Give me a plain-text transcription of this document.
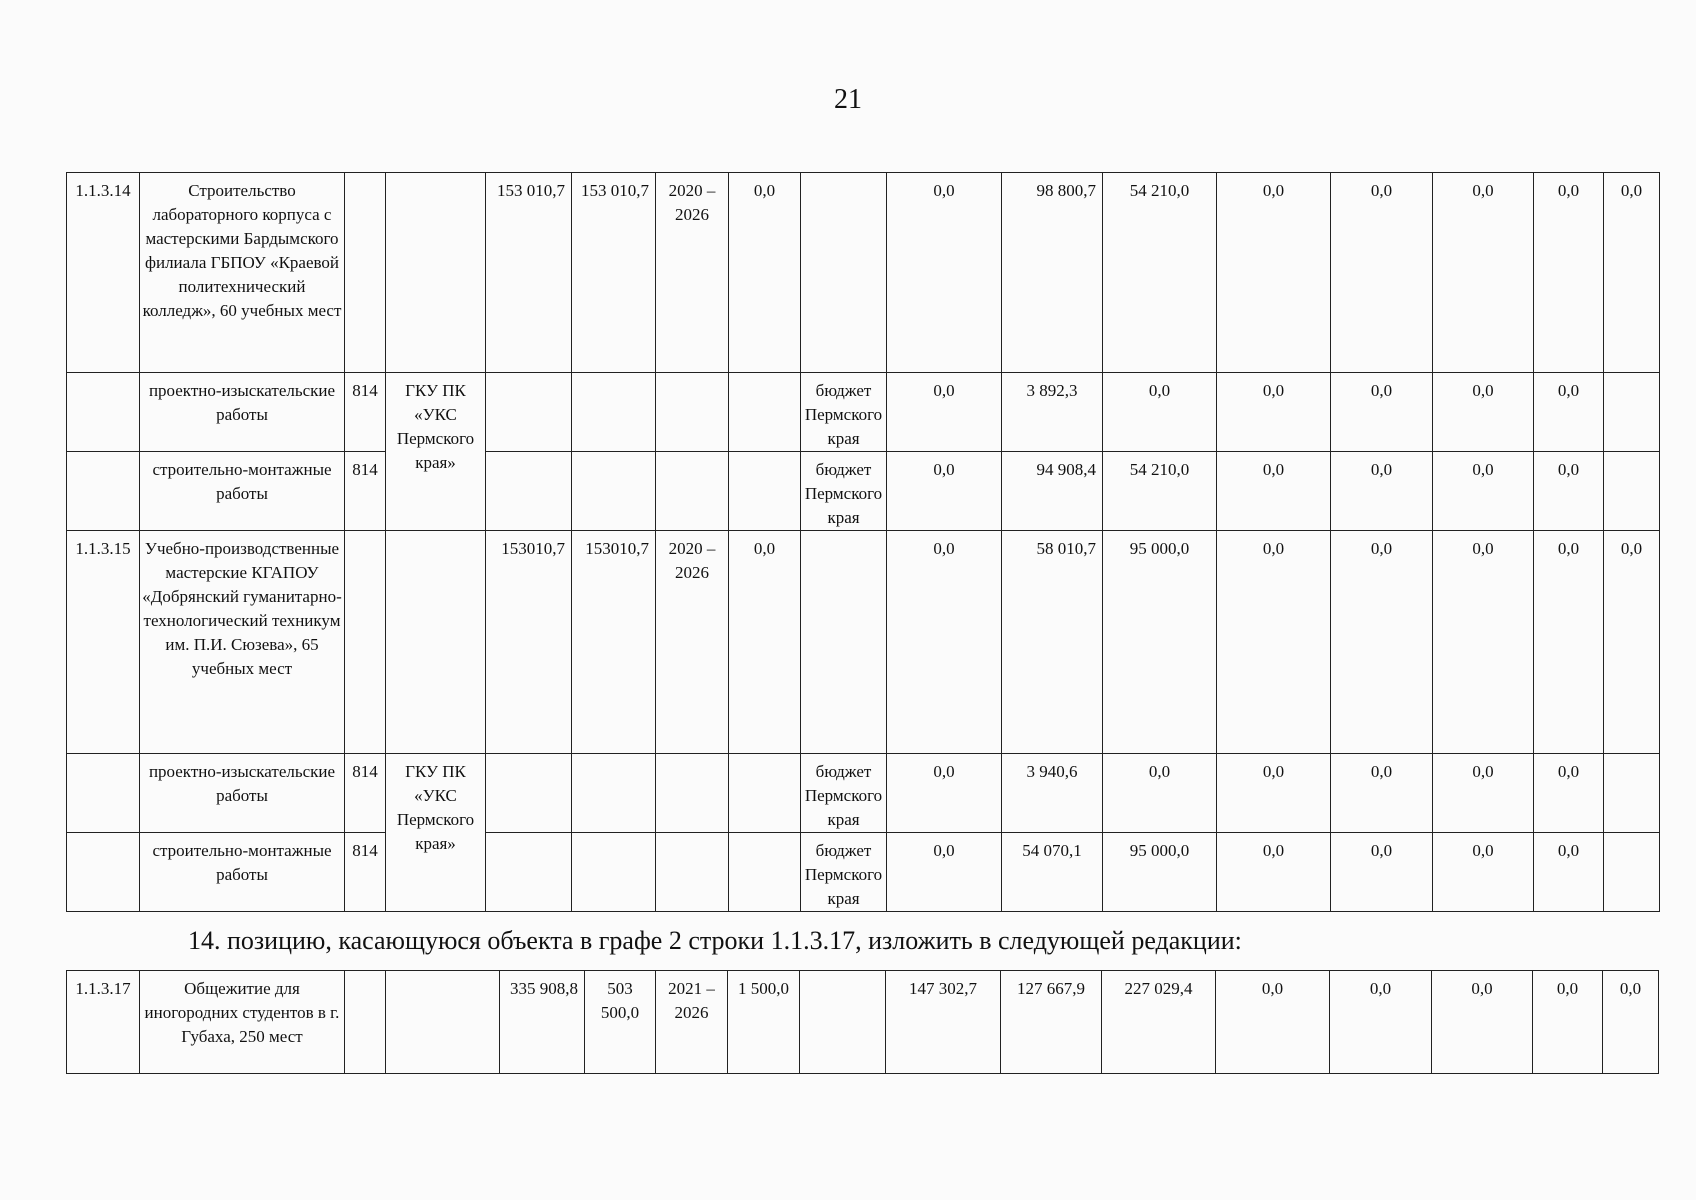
21
1.1.3.14	Строительство лабораторного корпуса с мастерскими Бардымского филиала ГБПОУ «Краевой политехнический колледж», 60 учебных мест			153 010,7	153 010,7	2020 – 2026	0,0		0,0	98 800,7	54 210,0	0,0	0,0	0,0	0,0	0,0
	проектно-изыскательские работы	814	ГКУ ПК «УКС Пермского края»					бюджет Пермского края	0,0	3 892,3	0,0	0,0	0,0	0,0	0,0	
	строительно-монтажные работы	814						бюджет Пермского края	0,0	94 908,4	54 210,0	0,0	0,0	0,0	0,0	
1.1.3.15	Учебно-производственные мастерские КГАПОУ «Добрянский гуманитарно-технологический техникум им. П.И. Сюзева», 65 учебных мест			153010,7	153010,7	2020 – 2026	0,0		0,0	58 010,7	95 000,0	0,0	0,0	0,0	0,0	0,0
	проектно-изыскательские работы	814	ГКУ ПК «УКС Пермского края»					бюджет Пермского края	0,0	3 940,6	0,0	0,0	0,0	0,0	0,0	
	строительно-монтажные работы	814						бюджет Пермского края	0,0	54 070,1	95 000,0	0,0	0,0	0,0	0,0	
14. позицию, касающуюся объекта в графе 2 строки 1.1.3.17, изложить в следующей редакции:
1.1.3.17	Общежитие для иногородних студентов в г. Губаха, 250 мест			335 908,8	503 500,0	2021 – 2026	1 500,0		147 302,7	127 667,9	227 029,4	0,0	0,0	0,0	0,0	0,0
